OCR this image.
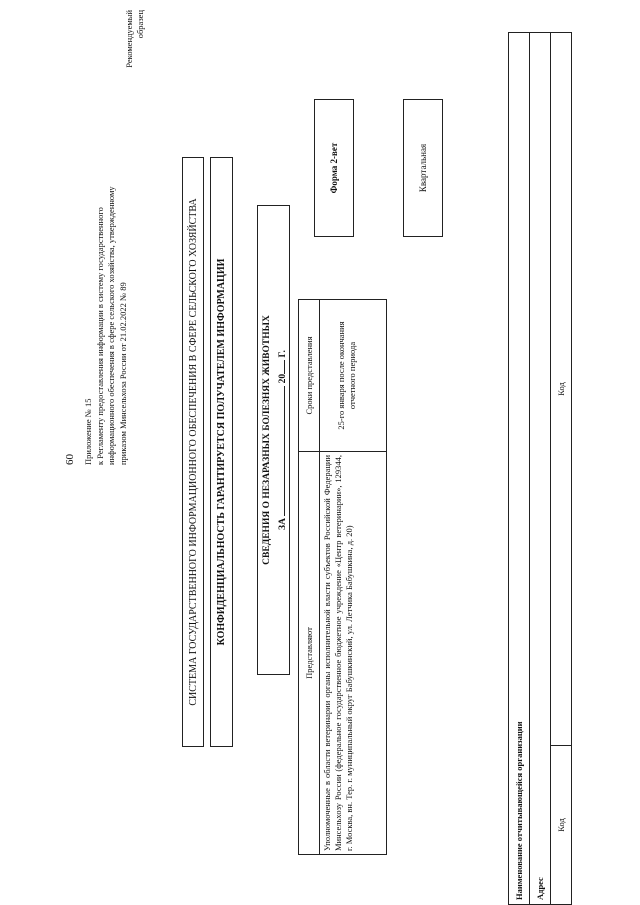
60 Приложение № 15 к Регламенту предоставления информации в систему государственного информационного обеспечения в сфере сельского хозяйства, утвержденному приказом Минсельхоза России от 21.02.2022 № 89
Рекомендуемый образец
СИСТЕМА ГОСУДАРСТВЕННОГО ИНФОРМАЦИОННОГО ОБЕСПЕЧЕНИЯ В СФЕРЕ СЕЛЬСКОГО ХОЗЯЙСТВА КОНФИДЕНЦИАЛЬНОСТЬ ГАРАНТИРУЕТСЯ ПОЛУЧАТЕЛЕМ ИНФОРМАЦИИ	СВЕДЕНИЯ О НЕЗАРАЗНЫХ БОЛЕЗНЯХ ЖИВОТНЫХ ЗА  20 Г.
Представляют	Сроки представления
Уполномоченные в области ветеринарии органы исполнительной власти субъектов Российской Федерации Минсельхозу России (федеральное государственное бюджетное учреждение «Центр ветеринарии», 129344, г. Москва, вн. Тер. г. муниципальный округ Бабушкинский, ул. Летчика Бабушкина, д. 20)	25-го января после окончания отчетного периода
Форма 2-вет	Квартальная
Наименование отчитывающейся организации
Адрес
Код	Код
